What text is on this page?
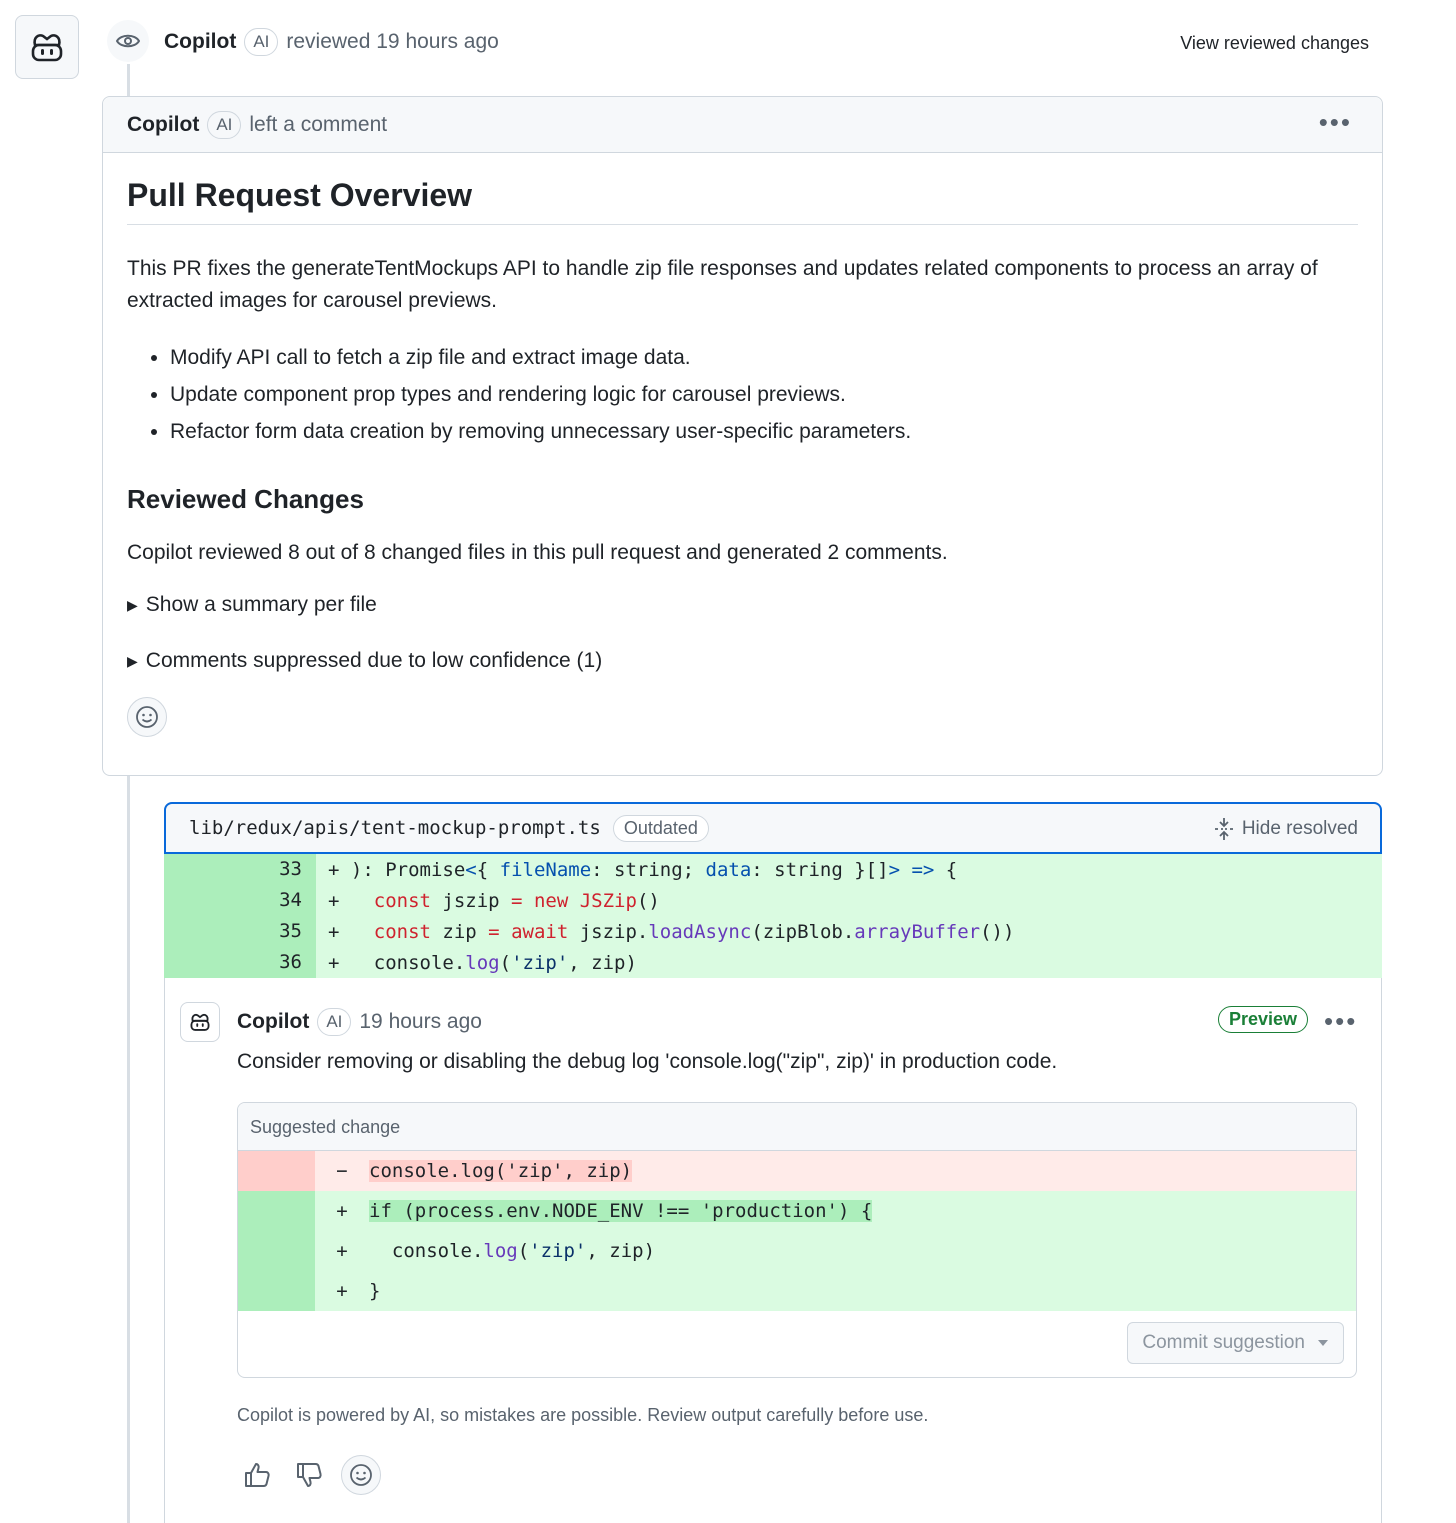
Copilot	AI reviewed 19 hours ago	View reviewed changes
Copilot	AI left a comment	•••
Pull Request Overview

This PR fixes the generateTentMockups API to handle zip file responses and updates related components to process an array of extracted images for carousel previews.

• Modify API call to fetch a zip file and extract image data.
• Update component prop types and rendering logic for carousel previews.
• Refactor form data creation by removing unnecessary user-specific parameters.
Reviewed Changes

Copilot reviewed 8 out of 8 changed files in this pull request and generated 2 comments.

▶ Show a summary per file
▶ Comments suppressed due to low confidence (1)
lib/redux/apis/tent-mockup-prompt.ts	Outdated	Hide resolved
33	+ ): Promise<{ fileName: string; data: string }[]> => {
34	+   const jszip = new JSZip()
35	+   const zip = await jszip.loadAsync(zipBlob.arrayBuffer())
36	+   console.log('zip', zip)
Copilot	AI 19 hours ago	Preview	•••
Consider removing or disabling the debug log 'console.log("zip", zip)' in production code.
Suggested change
−	console.log('zip', zip)
+	if (process.env.NODE_ENV !== 'production') {
+	console.log('zip', zip)
+	}
Commit suggestion
Copilot is powered by AI, so mistakes are possible. Review output carefully before use.
